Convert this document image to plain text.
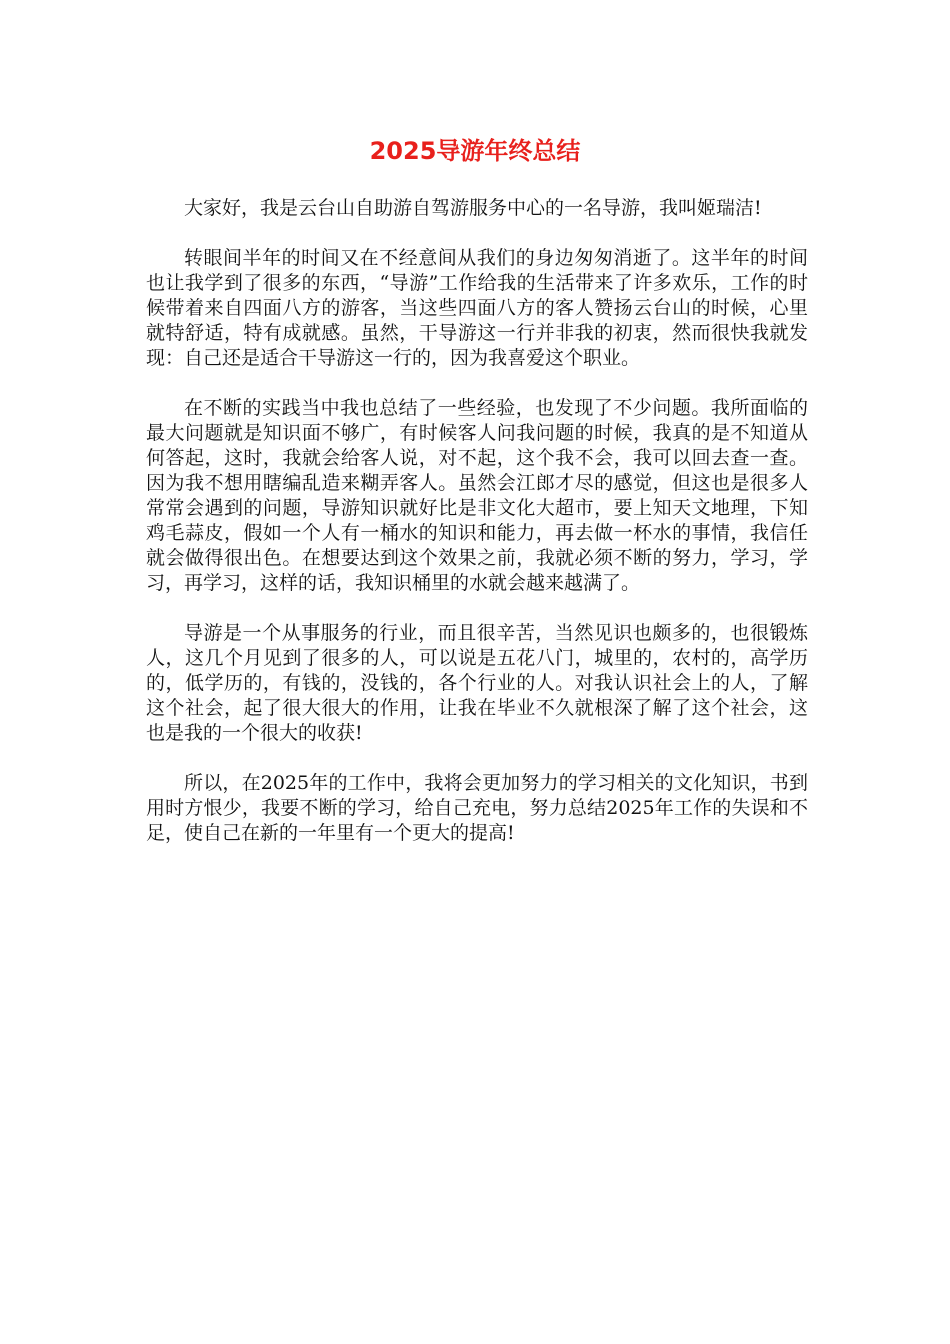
2025导游年终总结

大家好，我是云台山自助游自驾游服务中心的一名导游，我叫姬瑞洁!

转眼间半年的时间又在不经意间从我们的身边匆匆消逝了。这半年的时间也让我学到了很多的东西，“导游”工作给我的生活带来了许多欢乐，工作的时候带着来自四面八方的游客，当这些四面八方的客人赞扬云台山的时候，心里就特舒适，特有成就感。虽然，干导游这一行并非我的初衷，然而很快我就发现：自己还是适合干导游这一行的，因为我喜爱这个职业。

在不断的实践当中我也总结了一些经验，也发现了不少问题。我所面临的最大问题就是知识面不够广，有时候客人问我问题的时候，我真的是不知道从何答起，这时，我就会给客人说，对不起，这个我不会，我可以回去查一查。因为我不想用瞎编乱造来糊弄客人。虽然会江郎才尽的感觉，但这也是很多人常常会遇到的问题，导游知识就好比是非文化大超市，要上知天文地理，下知鸡毛蒜皮，假如一个人有一桶水的知识和能力，再去做一杯水的事情，我信任就会做得很出色。在想要达到这个效果之前，我就必须不断的努力，学习，学习，再学习，这样的话，我知识桶里的水就会越来越满了。

导游是一个从事服务的行业，而且很辛苦，当然见识也颇多的，也很锻炼人，这几个月见到了很多的人，可以说是五花八门，城里的，农村的，高学历的，低学历的，有钱的，没钱的，各个行业的人。对我认识社会上的人，了解这个社会，起了很大很大的作用，让我在毕业不久就根深了解了这个社会，这也是我的一个很大的收获!

所以，在2025年的工作中，我将会更加努力的学习相关的文化知识，书到用时方恨少，我要不断的学习，给自己充电，努力总结2025年工作的失误和不足，使自己在新的一年里有一个更大的提高!
